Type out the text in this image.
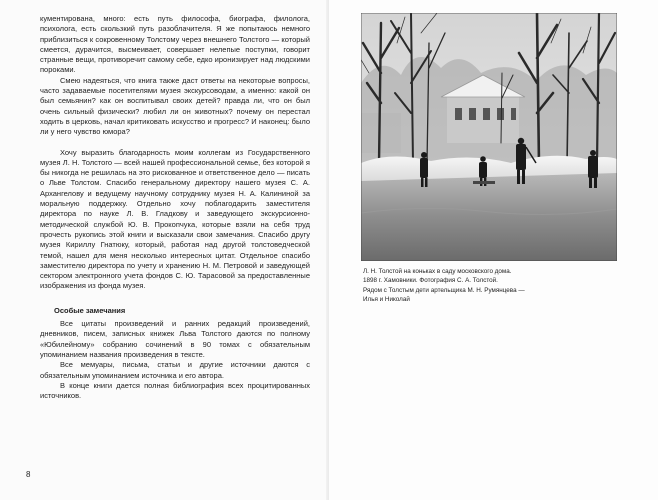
кументирована, много: есть путь философа, биографа, филолога, психолога, есть скользкий путь разоблачителя. Я же попытаюсь немного приблизиться к сокровенному Толстому через внешнего Толстого — который смеется, дурачится, высмеивает, совершает нелепые поступки, говорит странные вещи, противоречит самому себе, едко иронизирует над людскими пороками.

Смею надеяться, что книга также даст ответы на некоторые вопросы, часто задаваемые посетителями музея экскурсоводам, а именно: какой он был семьянин? как он воспитывал своих детей? правда ли, что он был очень сильный физически? любил ли он животных? почему он перестал ходить в церковь, начал критиковать искусство и прогресс? И наконец: было ли у него чувство юмора?

Хочу выразить благодарность моим коллегам из Государственного музея Л. Н. Толстого — всей нашей профессиональной семье, без которой я бы никогда не решилась на это рискованное и ответственное дело — писать о Льве Толстом. Спасибо генеральному директору нашего музея С. А. Архангелову и ведущему научному сотруднику музея Н. А. Калининой за моральную поддержку. Отдельно хочу поблагодарить заместителя директора по науке Л. В. Гладкову и заведующего экскурсионно-методической службой Ю. В. Прокопчука, которые взяли на себя труд прочесть рукопись этой книги и высказали свои замечания. Спасибо другу музея Кириллу Гнатюку, который, работая над другой толстоведческой темой, нашел для меня несколько интересных цитат. Отдельное спасибо заместителю директора по учету и хранению Н. М. Петровой и заведующей сектором электронного учета фондов С. Ю. Тарасовой за предоставленные изображения из фонда музея.

Особые замечания

Все цитаты произведений и ранних редакций произведений, дневников, писем, записных книжек Льва Толстого даются по полному «Юбилейному» собранию сочинений в 90 томах с обязательным упоминанием названия произведения в тексте.

Все мемуары, письма, статьи и другие источники даются с обязательным упоминанием источника и его автора.

В конце книги дается полная библиография всех процитированных источников.

8
Л. Н. Толстой на коньках в саду московского дома.
1898 г. Хамовники. Фотография С. А. Толстой.
Рядом с Толстым дети артельщика М. Н. Румянцева —
Илья и Николай
